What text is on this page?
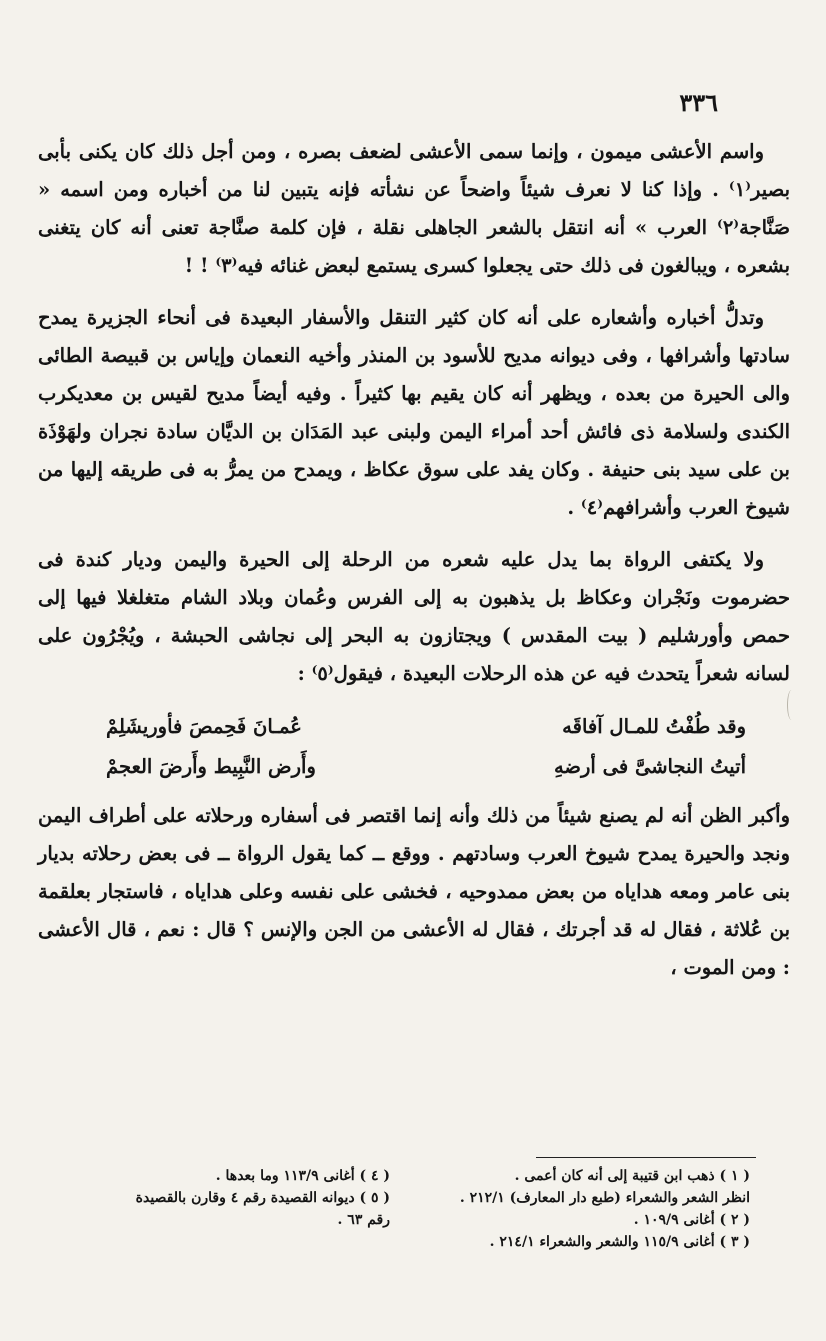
٣٣٦

واسم الأعشى ميمون ، وإنما سمى الأعشى لضعف بصره ، ومن أجل ذلك كان يكنى بأبى بصير⁽١⁾ . وإذا كنا لا نعرف شيئاً واضحاً عن نشأته فإنه يتبين لنا من أخباره ومن اسمه « صَنَّاجة⁽٢⁾ العرب » أنه انتقل بالشعر الجاهلى نقلة ، فإن كلمة صنَّاجة تعنى أنه كان يتغنى بشعره ، ويبالغون فى ذلك حتى يجعلوا كسرى يستمع لبعض غنائه فيه⁽٣⁾ ! !

وتدلُّ أخباره وأشعاره على أنه كان كثير التنقل والأسفار البعيدة فى أنحاء الجزيرة يمدح سادتها وأشرافها ، وفى ديوانه مديح للأسود بن المنذر وأخيه النعمان وإياس بن قبيصة الطائى والى الحيرة من بعده ، ويظهر أنه كان يقيم بها كثيراً . وفيه أيضاً مديح لقيس بن معديكرب الكندى ولسلامة ذى فائش أحد أمراء اليمن ولبنى عبد المَدَان بن الديَّان سادة نجران ولهَوْذَة بن على سيد بنى حنيفة . وكان يفد على سوق عكاظ ، ويمدح من يمرُّ به فى طريقه إليها من شيوخ العرب وأشرافهم⁽٤⁾ .

ولا يكتفى الرواة بما يدل عليه شعره من الرحلة إلى الحيرة واليمن وديار كندة فى حضرموت ونَجْران وعكاظ بل يذهبون به إلى الفرس وعُمان وبلاد الشام متغلغلا فيها إلى حمص وأورشليم ( بيت المقدس ) ويجتازون به البحر إلى نجاشى الحبشة ، ويُجْرُون على لسانه شعراً يتحدث فيه عن هذه الرحلات البعيدة ، فيقول⁽٥⁾ :

وقد طُفْتُ للمـال آفاقَه
عُمـانَ فَحِمصَ فأوريشَلِمْ
أتيتُ النجاشىَّ فى أرضهِ
وأَرض النَّبِيط وأَرضَ العجمْ

وأكبر الظن أنه لم يصنع شيئاً من ذلك وأنه إنما اقتصر فى أسفاره ورحلاته على أطراف اليمن ونجد والحيرة يمدح شيوخ العرب وسادتهم . ووقع ــ كما يقول الرواة ــ فى بعض رحلاته بديار بنى عامر ومعه هداياه من بعض ممدوحيه ، فخشى على نفسه وعلى هداياه ، فاستجار بعلقمة بن عُلاثة ، فقال له قد أجرتك ، فقال له الأعشى من الجن والإنس ؟ قال : نعم ، قال الأعشى : ومن الموت ،

( ١ ) ذهب ابن قتيبة إلى أنه كان أعمى .

انظر الشعر والشعراء (طبع دار المعارف) ٢١٢/١ .

( ٢ ) أغانى ١٠٩/٩ .

( ٣ ) أغانى ١١٥/٩ والشعر والشعراء ٢١٤/١ .

( ٤ ) أغانى ١١٣/٩ وما بعدها .

( ٥ ) ديوانه القصيدة رقم ٤ وقارن بالقصيدة

رقم ٦٣ .
